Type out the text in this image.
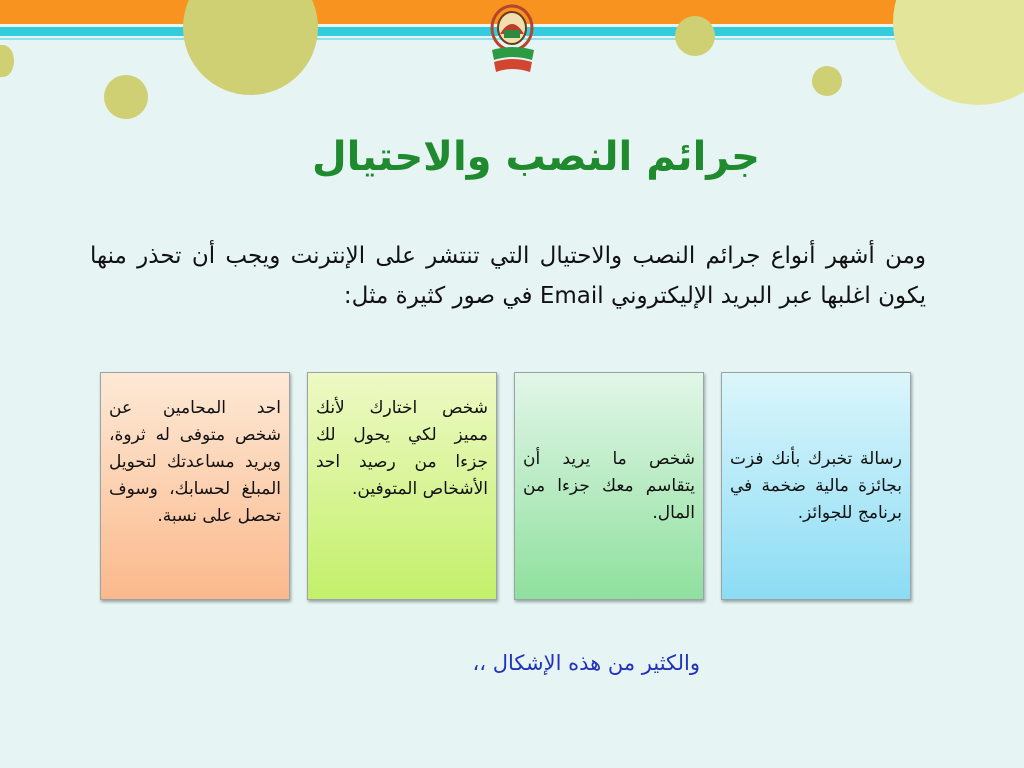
جرائم النصب والاحتيال
ومن أشهر أنواع جرائم النصب والاحتيال التي تنتشر على الإنترنت ويجب أن تحذر منها يكون اغلبها عبر البريد الإليكتروني Email في صور كثيرة مثل:
رسالة تخبرك بأنك فزت بجائزة مالية ضخمة في برنامج للجوائز.
شخص ما يريد أن يتقاسم معك جزءا من المال.
شخص اختارك لأنك مميز لكي يحول لك جزءا من رصيد احد الأشخاص المتوفين.
احد المحامين عن شخص متوفى له ثروة، ويريد مساعدتك لتحويل المبلغ لحسابك، وسوف تحصل على نسبة.
والكثير من هذه الإشكال ،،
